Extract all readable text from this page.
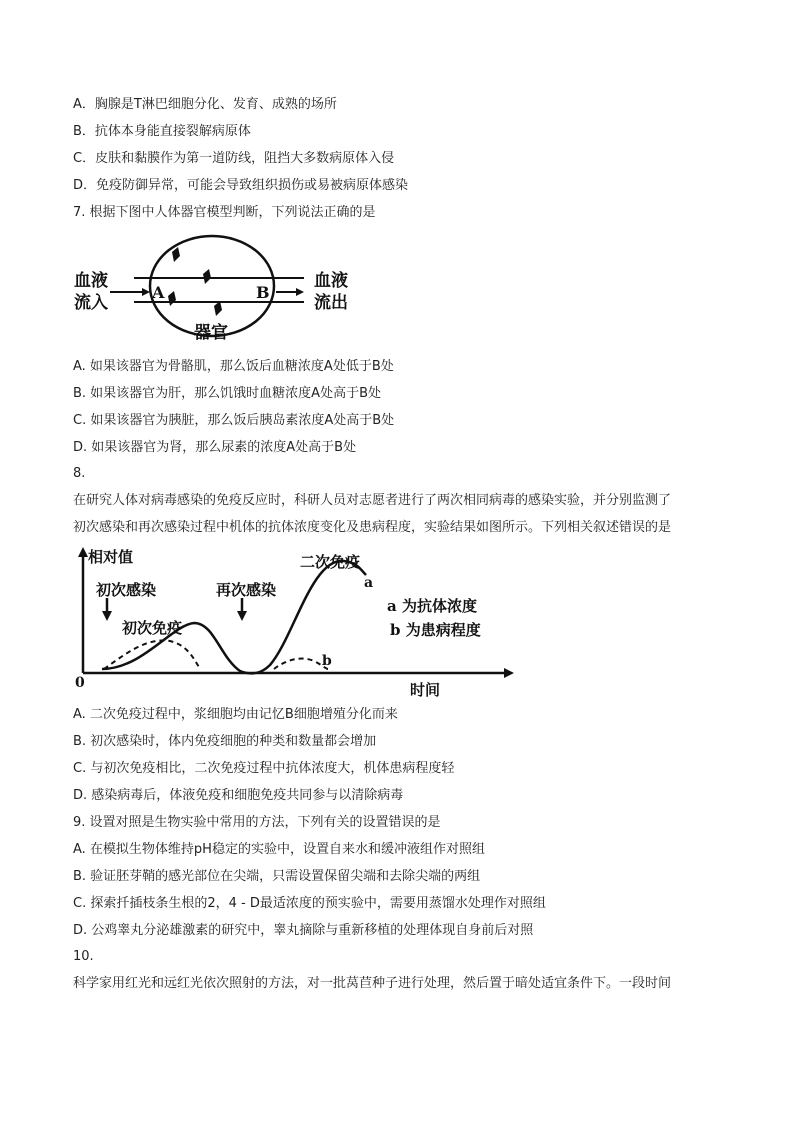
A．胸腺是T淋巴细胞分化、发育、成熟的场所
B．抗体本身能直接裂解病原体
C．皮肤和黏膜作为第一道防线，阻挡大多数病原体入侵
D．免疫防御异常，可能会导致组织损伤或易被病原体感染
7. 根据下图中人体器官模型判断，下列说法正确的是
血液
流入
A	B
血液
流出
器官
A. 如果该器官为骨骼肌，那么饭后血糖浓度A处低于B处
B. 如果该器官为肝，那么饥饿时血糖浓度A处高于B处
C. 如果该器官为胰脏，那么饭后胰岛素浓度A处高于B处
D. 如果该器官为肾，那么尿素的浓度A处高于B处
8.
在研究人体对病毒感染的免疫反应时，科研人员对志愿者进行了两次相同病毒的感染实验，并分别监测了
初次感染和再次感染过程中机体的抗体浓度变化及患病程度，实验结果如图所示。下列相关叙述错误的是
相对值
时间
0
初次感染
初次免疫
再次感染
二次免疫
a
b
a 为抗体浓度
b 为患病程度
A. 二次免疫过程中，浆细胞均由记忆B细胞增殖分化而来
B. 初次感染时，体内免疫细胞的种类和数量都会增加
C. 与初次免疫相比，二次免疫过程中抗体浓度大，机体患病程度轻
D. 感染病毒后，体液免疫和细胞免疫共同参与以清除病毒
9. 设置对照是生物实验中常用的方法，下列有关的设置错误的是
A. 在模拟生物体维持pH稳定的实验中，设置自来水和缓冲液组作对照组
B. 验证胚芽鞘的感光部位在尖端，只需设置保留尖端和去除尖端的两组
C. 探索扦插枝条生根的2，4 - D最适浓度的预实验中，需要用蒸馏水处理作对照组
D. 公鸡睾丸分泌雄激素的研究中，睾丸摘除与重新移植的处理体现自身前后对照
10.
科学家用红光和远红光依次照射的方法，对一批莴苣种子进行处理，然后置于暗处适宜条件下。一段时间
